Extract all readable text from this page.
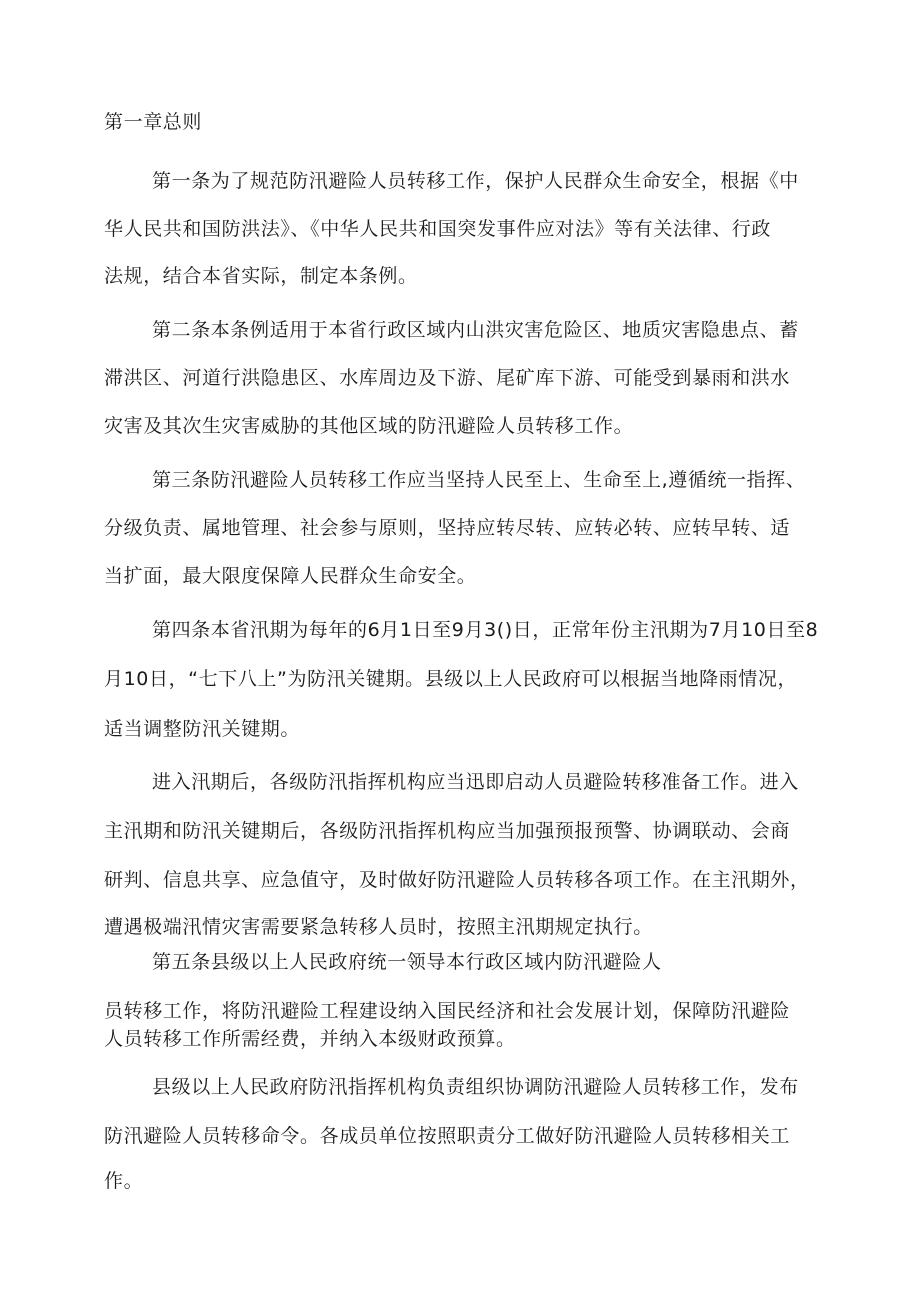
第一章总则
第一条为了规范防汛避险人员转移工作，保护人民群众生命安全，根据《中
华人民共和国防洪法》、《中华人民共和国突发事件应对法》等有关法律、行政
法规，结合本省实际，制定本条例。
第二条本条例适用于本省行政区域内山洪灾害危险区、地质灾害隐患点、蓄
滞洪区、河道行洪隐患区、水库周边及下游、尾矿库下游、可能受到暴雨和洪水
灾害及其次生灾害威胁的其他区域的防汛避险人员转移工作。
第三条防汛避险人员转移工作应当坚持人民至上、生命至上,遵循统一指挥、
分级负责、属地管理、社会参与原则，坚持应转尽转、应转必转、应转早转、适
当扩面，最大限度保障人民群众生命安全。
第四条本省汛期为每年的6月1日至9月3()日，正常年份主汛期为7月10日至8
月10日，“七下八上”为防汛关键期。县级以上人民政府可以根据当地降雨情况，
适当调整防汛关键期。
进入汛期后，各级防汛指挥机构应当迅即启动人员避险转移准备工作。进入
主汛期和防汛关键期后，各级防汛指挥机构应当加强预报预警、协调联动、会商
研判、信息共享、应急值守，及时做好防汛避险人员转移各项工作。在主汛期外，
遭遇极端汛情灾害需要紧急转移人员时，按照主汛期规定执行。
第五条县级以上人民政府统一领导本行政区域内防汛避险人
员转移工作，将防汛避险工程建设纳入国民经济和社会发展计划，保障防汛避险
人员转移工作所需经费，并纳入本级财政预算。
县级以上人民政府防汛指挥机构负责组织协调防汛避险人员转移工作，发布
防汛避险人员转移命令。各成员单位按照职责分工做好防汛避险人员转移相关工
作。
